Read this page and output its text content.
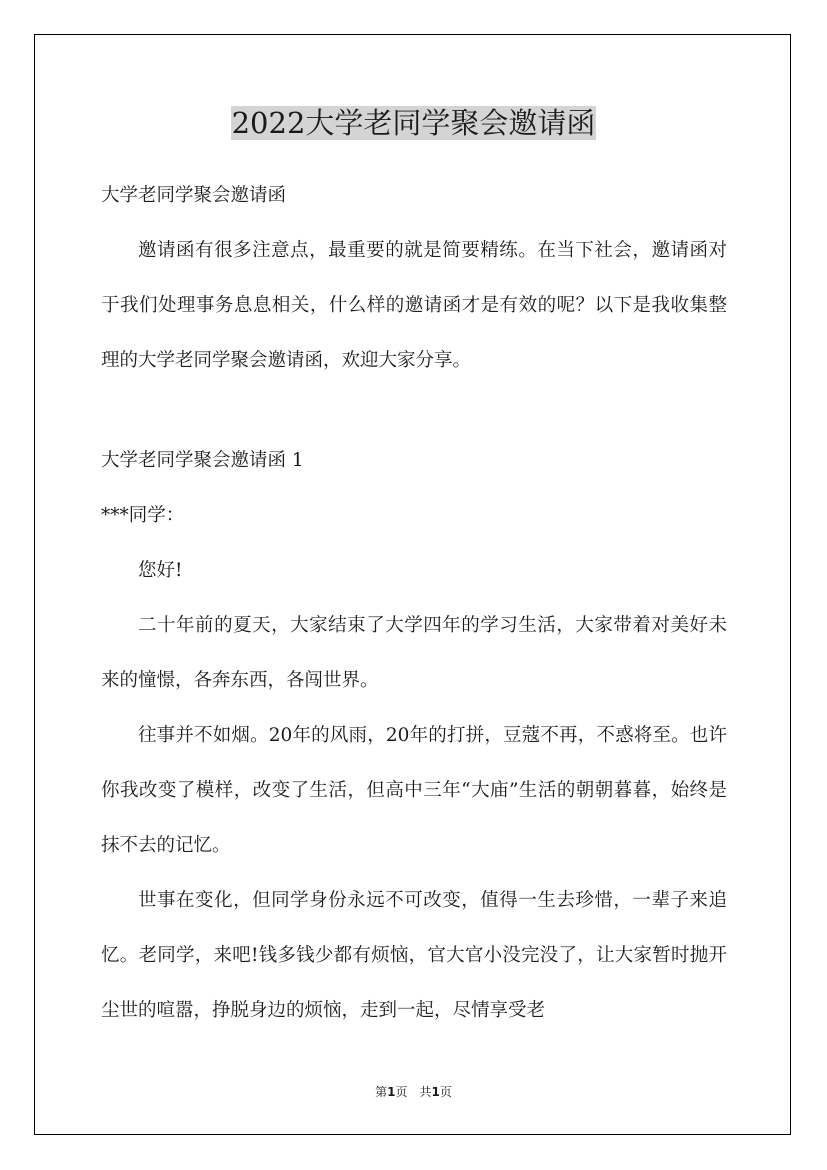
2022大学老同学聚会邀请函

大学老同学聚会邀请函

邀请函有很多注意点，最重要的就是简要精练。在当下社会，邀请函对于我们处理事务息息相关，什么样的邀请函才是有效的呢？以下是我收集整理的大学老同学聚会邀请函，欢迎大家分享。

大学老同学聚会邀请函 1

***同学：

您好!

二十年前的夏天，大家结束了大学四年的学习生活，大家带着对美好未来的憧憬，各奔东西，各闯世界。

往事并不如烟。20年的风雨，20年的打拼，豆蔻不再，不惑将至。也许你我改变了模样，改变了生活，但高中三年“大庙”生活的朝朝暮暮，始终是抹不去的记忆。

世事在变化，但同学身份永远不可改变，值得一生去珍惜，一辈子来追忆。老同学，来吧!钱多钱少都有烦恼，官大官小没完没了，让大家暂时抛开尘世的喧嚣，挣脱身边的烦恼，走到一起，尽情享受老

第1页　共1页
